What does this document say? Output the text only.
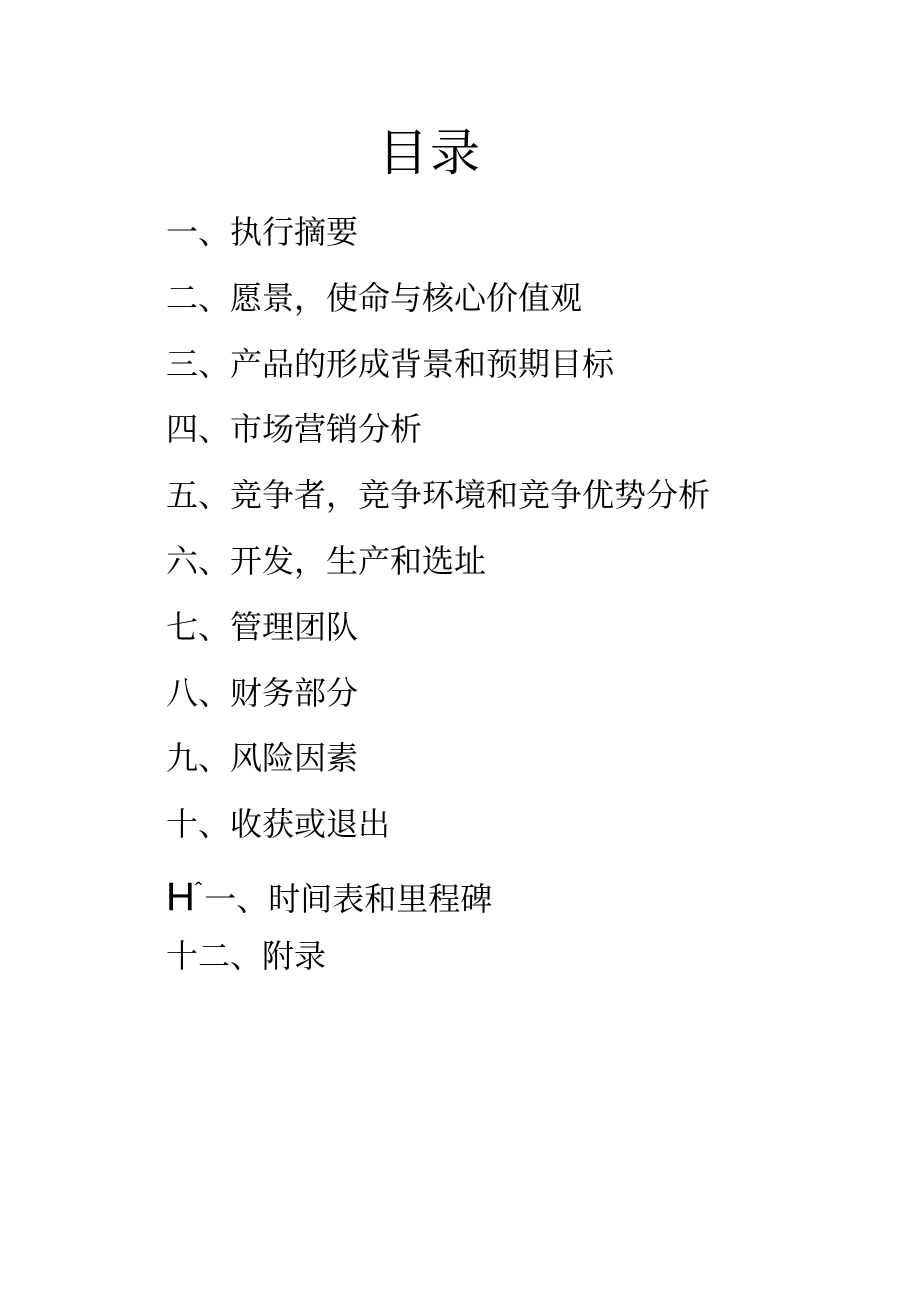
目录
一、执行摘要
二、愿景，使命与核心价值观
三、产品的形成背景和预期目标
四、市场营销分析
五、竞争者，竞争环境和竞争优势分析
六、开发，生产和选址
七、管理团队
八、财务部分
九、风险因素
十、收获或退出
$H^ˆ$一、时间表和里程碑
十二、附录
